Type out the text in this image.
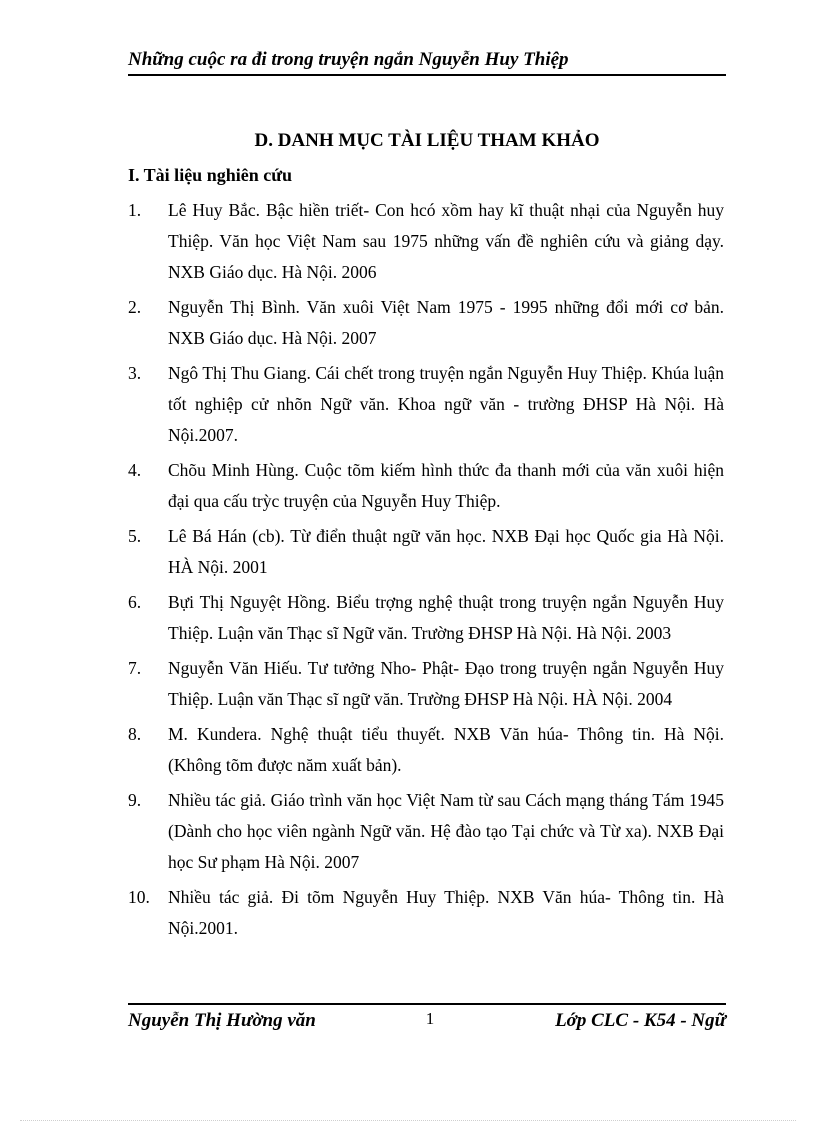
Những cuộc ra đi trong truyện ngắn Nguyễn Huy Thiệp
D. DANH MỤC TÀI LIỆU THAM KHẢO
I. Tài liệu nghiên cứu
1.	Lê Huy Bắc. Bậc hiền triết- Con hcó xồm hay kĩ thuật nhại của Nguyễn huy Thiệp. Văn học Việt Nam sau 1975 những vấn đề nghiên cứu và giảng dạy. NXB Giáo dục. Hà Nội. 2006
2.	Nguyễn Thị Bình. Văn xuôi Việt Nam 1975 - 1995 những đổi mới cơ bản. NXB Giáo dục. Hà Nội. 2007
3.	Ngô Thị Thu Giang. Cái chết trong truyện ngắn Nguyễn Huy Thiệp. Khúa luận tốt nghiệp cử nhõn Ngữ văn. Khoa ngữ văn - trường ĐHSP Hà Nội. Hà Nội.2007.
4.	Chõu Minh Hùng. Cuộc tõm kiếm hình thức đa thanh mới của văn xuôi hiện đại qua cấu trỳc truyện của Nguyễn Huy Thiệp.
5.	Lê Bá Hán (cb). Từ điển thuật ngữ văn học. NXB Đại học Quốc gia Hà Nội. HÀ Nội. 2001
6.	Bựi Thị Nguyệt Hồng. Biểu trợng nghệ thuật trong truyện ngắn Nguyễn Huy Thiệp. Luận văn Thạc sĩ Ngữ văn. Trường ĐHSP Hà Nội. Hà Nội. 2003
7.	Nguyễn Văn Hiếu. Tư tưởng Nho- Phật- Đạo trong truyện ngắn Nguyễn Huy Thiệp. Luận văn Thạc sĩ ngữ văn. Trường ĐHSP Hà Nội. HÀ Nội. 2004
8.	M. Kundera. Nghệ thuật tiểu thuyết. NXB Văn húa- Thông tin. Hà Nội. (Không tõm được năm xuất bản).
9.	Nhiều tác giả. Giáo trình văn học Việt Nam từ sau Cách mạng tháng Tám 1945 (Dành cho học viên ngành Ngữ văn. Hệ đào tạo Tại chức và Từ xa). NXB Đại học Sư phạm Hà Nội. 2007
10.	Nhiều tác giả. Đi tõm Nguyễn Huy Thiệp. NXB Văn húa- Thông tin. Hà Nội.2001.
Nguyễn Thị Hường văn	1	Lớp CLC - K54 - Ngữ
